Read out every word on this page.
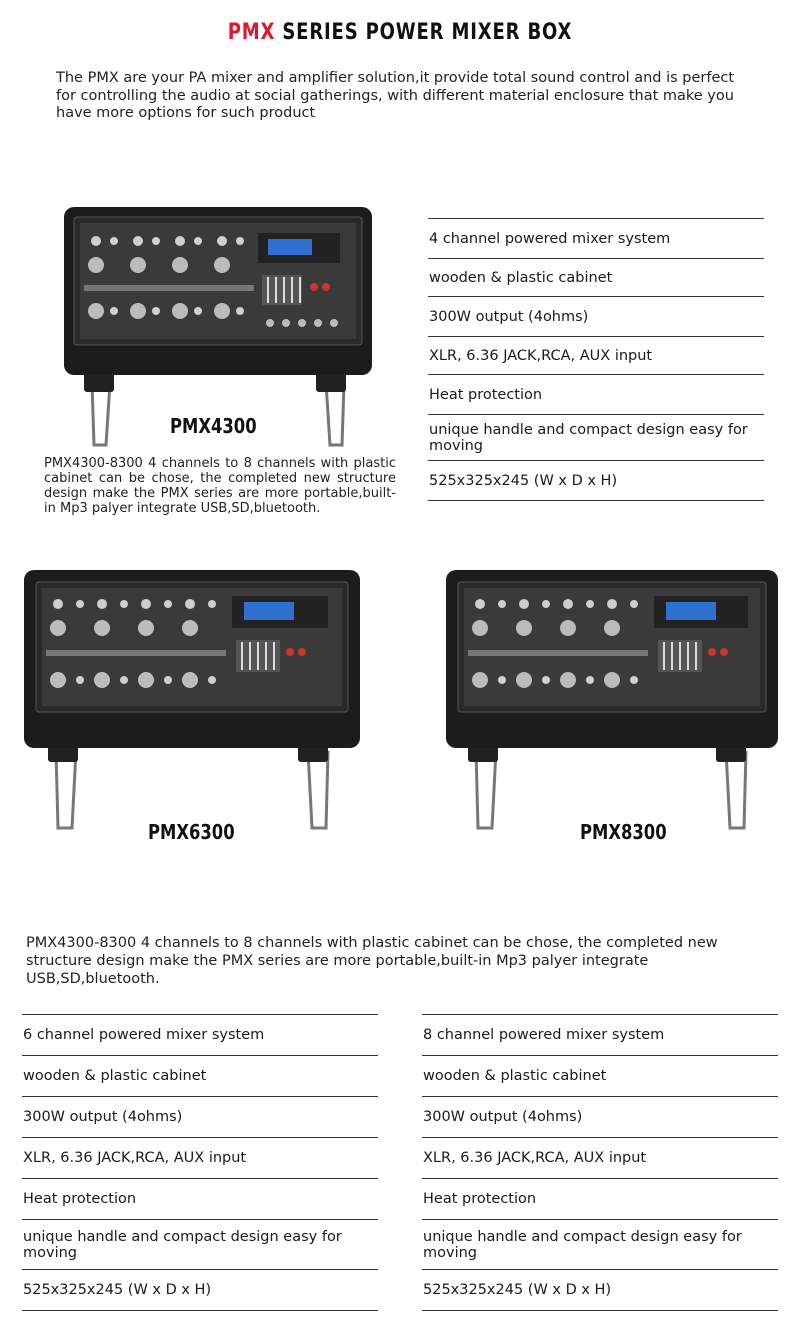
PMX SERIES POWER MIXER BOX
The PMX are your PA mixer and amplifier solution,it provide total sound control and is perfect for controlling the audio at social gatherings, with different material enclosure that make you have more options for such product
PMX4300
PMX4300-8300 4 channels to 8 channels with plastic cabinet can be chose, the completed new structure design make the PMX series are more portable,built-in Mp3 palyer integrate USB,SD,bluetooth.
4 channel powered mixer system
wooden & plastic cabinet
300W output (4ohms)
XLR, 6.36 JACK,RCA, AUX input
Heat protection
unique handle and compact design easy for moving
525x325x245 (W x D x H)
PMX6300	PMX8300
PMX4300-8300 4 channels to 8 channels with plastic cabinet can be chose, the completed new structure design make the PMX series are more portable,built-in Mp3 palyer integrate USB,SD,bluetooth.
6 channel powered mixer system
wooden & plastic cabinet
300W output (4ohms)
XLR, 6.36 JACK,RCA, AUX input
Heat protection
unique handle and compact design easy for moving
525x325x245 (W x D x H)
8 channel powered mixer system
wooden & plastic cabinet
300W output (4ohms)
XLR, 6.36 JACK,RCA, AUX input
Heat protection
unique handle and compact design easy for moving
525x325x245 (W x D x H)
